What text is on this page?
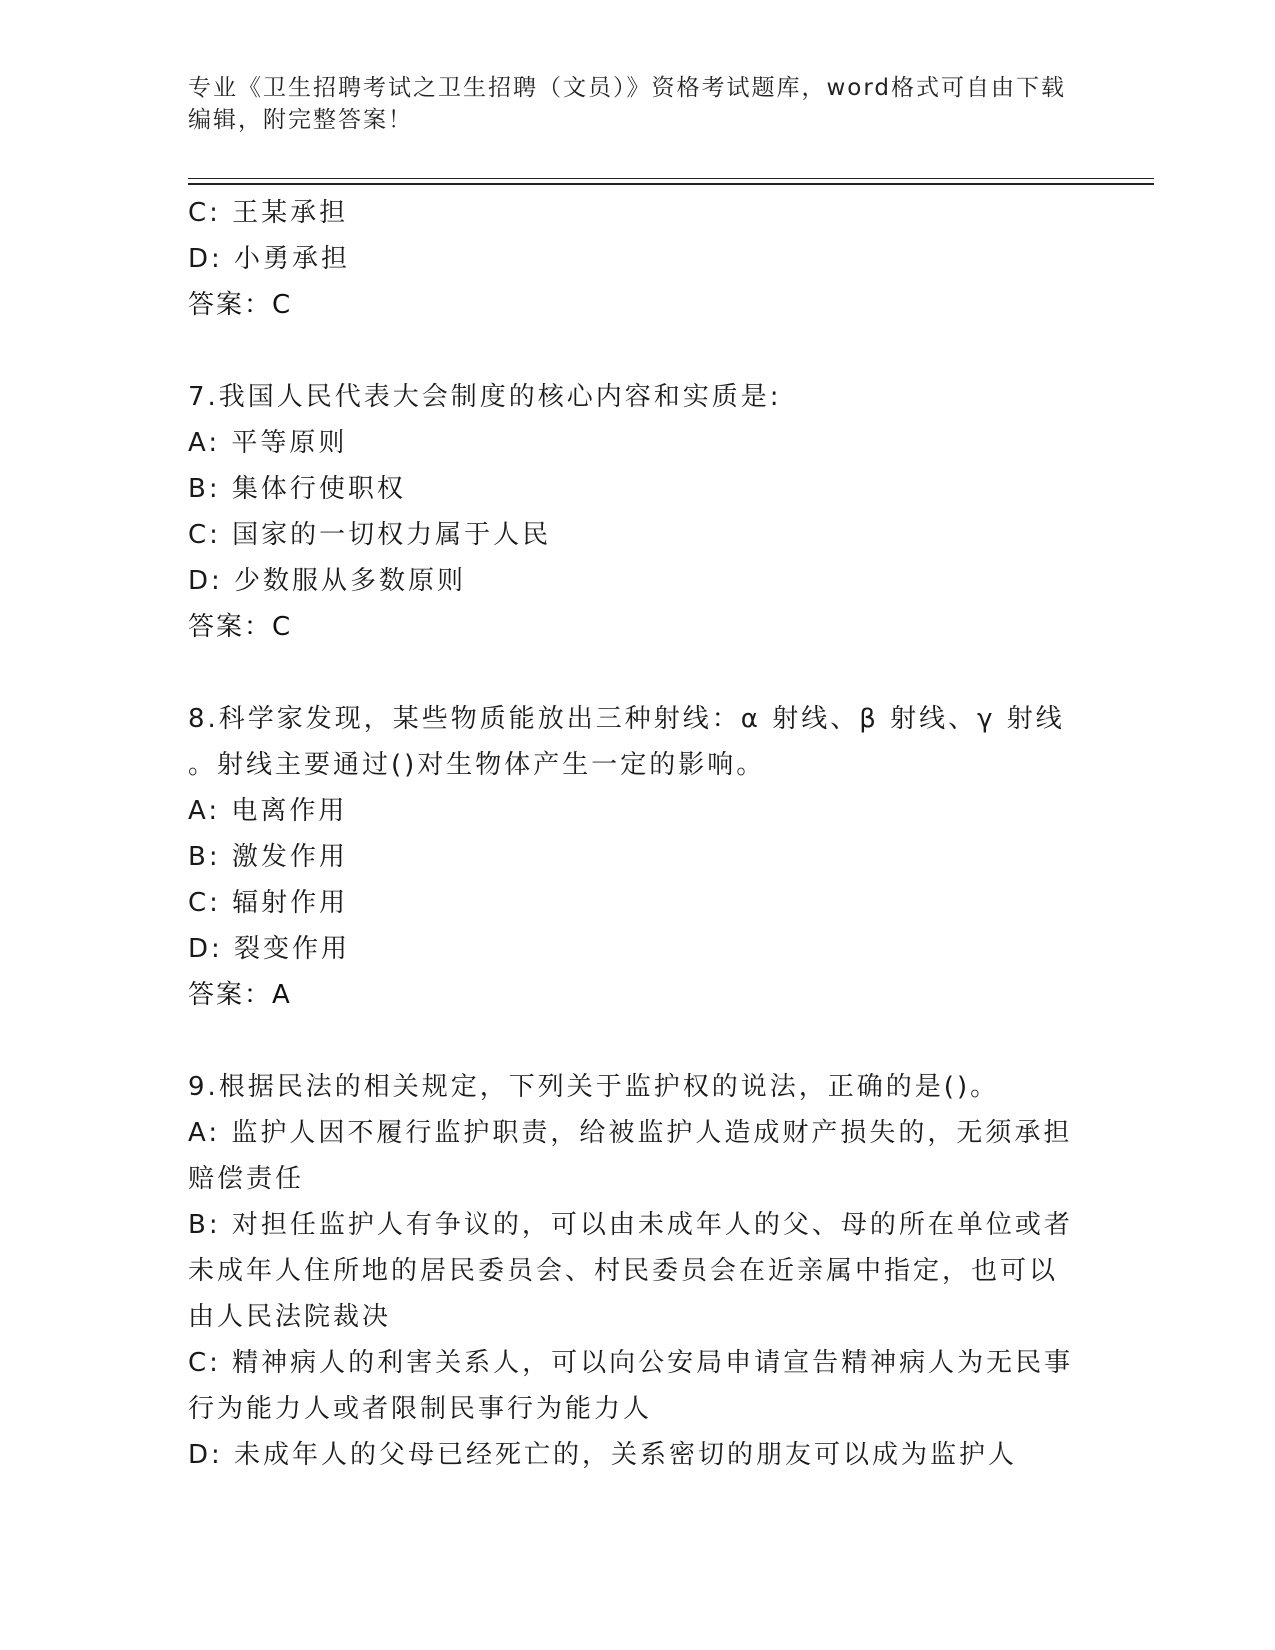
专业《卫生招聘考试之卫生招聘（文员）》资格考试题库，word格式可自由下载
编辑，附完整答案！
C: 王某承担
D: 小勇承担
答案：C
7.我国人民代表大会制度的核心内容和实质是:
A: 平等原则
B: 集体行使职权
C: 国家的一切权力属于人民
D: 少数服从多数原则
答案：C
8.科学家发现，某些物质能放出三种射线：α 射线、β 射线、γ 射线
。射线主要通过()对生物体产生一定的影响。
A: 电离作用
B: 激发作用
C: 辐射作用
D: 裂变作用
答案：A
9.根据民法的相关规定，下列关于监护权的说法，正确的是()。
A: 监护人因不履行监护职责，给被监护人造成财产损失的，无须承担
赔偿责任
B: 对担任监护人有争议的，可以由未成年人的父、母的所在单位或者
未成年人住所地的居民委员会、村民委员会在近亲属中指定，也可以
由人民法院裁决
C: 精神病人的利害关系人，可以向公安局申请宣告精神病人为无民事
行为能力人或者限制民事行为能力人
D: 未成年人的父母已经死亡的，关系密切的朋友可以成为监护人
